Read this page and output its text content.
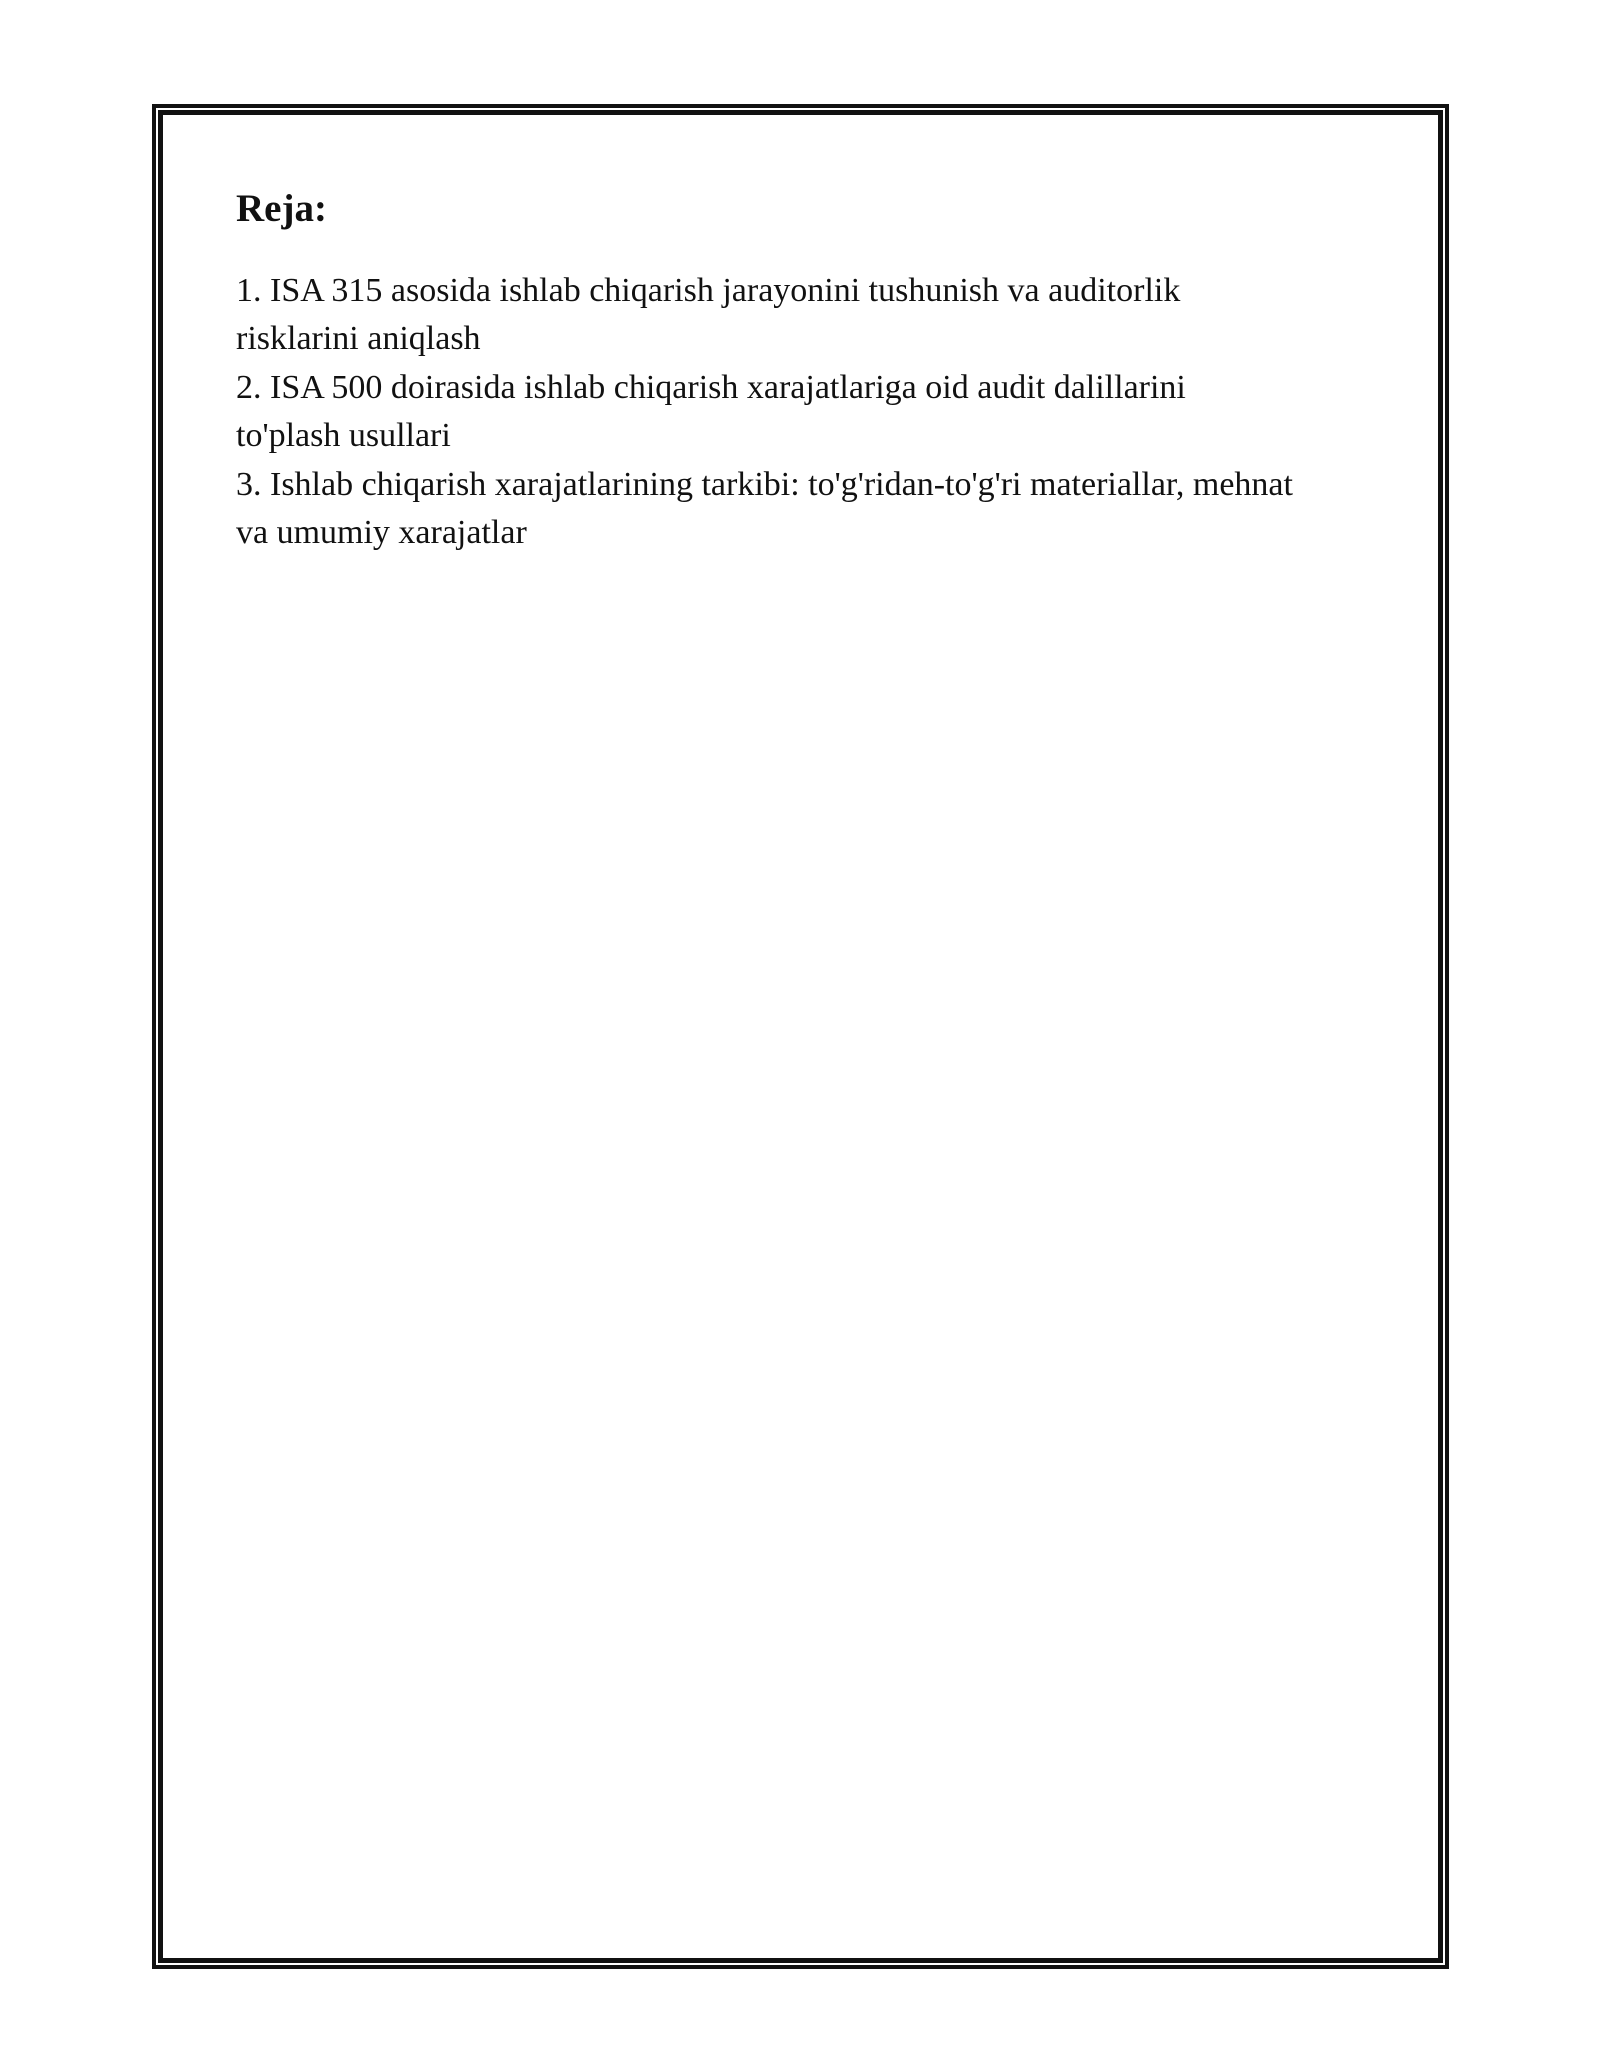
Reja:
1. ISA 315 asosida ishlab chiqarish jarayonini tushunish va auditorlik risklarini aniqlash
2. ISA 500 doirasida ishlab chiqarish xarajatlariga oid audit dalillarini to'plash usullari
3. Ishlab chiqarish xarajatlarining tarkibi: to'g'ridan-to'g'ri materiallar, mehnat va umumiy xarajatlar
